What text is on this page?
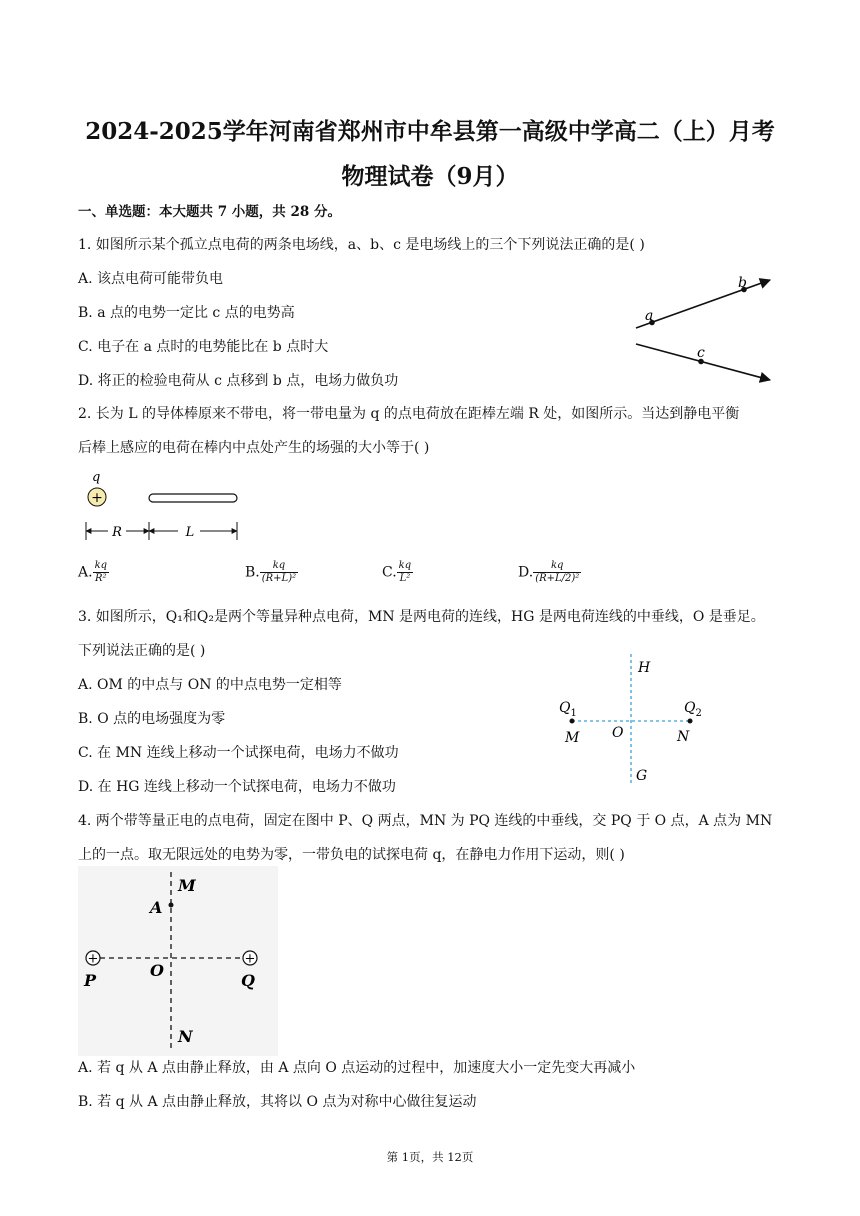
2024-2025学年河南省郑州市中牟县第一高级中学高二（上）月考
物理试卷（9月）
一、单选题：本大题共 7 小题，共 28 分。
1. 如图所示某个孤立点电荷的两条电场线，a、b、c 是电场线上的三个下列说法正确的是( )
A. 该点电荷可能带负电
B. a 点的电势一定比 c 点的电势高
C. 电子在 a 点时的电势能比在 b 点时大
D. 将正的检验电荷从 c 点移到 b 点，电场力做负功
a
b
c
2. 长为 L 的导体棒原来不带电，将一带电量为 q 的点电荷放在距棒左端 R 处，如图所示。当达到静电平衡
后棒上感应的电荷在棒内中点处产生的场强的大小等于( )
q
+
R	L
A. $\frac{kq}{\text{R²}}$	B. $\frac{kq}{\text{(R+L)²}}$	C. $\frac{kq}{\text{L²}}$	D. $\frac{kq}{\text{(R+L/2)²}}$
3. 如图所示，Q₁和Q₂是两个等量异种点电荷，MN 是两电荷的连线，HG 是两电荷连线的中垂线，O 是垂足。
下列说法正确的是( )
A. OM 的中点与 ON 的中点电势一定相等
B. O 点的电场强度为零
C. 在 MN 连线上移动一个试探电荷，电场力不做功
D. 在 HG 连线上移动一个试探电荷，电场力不做功
H
G
$Q_1$	$Q_2$
M O	N
4. 两个带等量正电的点电荷，固定在图中 P、Q 两点，MN 为 PQ 连线的中垂线，交 PQ 于 O 点，A 点为 MN
上的一点。取无限远处的电势为零，一带负电的试探电荷 q，在静电力作用下运动，则( )
+	+
M
A
P
O
Q
N
A. 若 q 从 A 点由静止释放，由 A 点向 O 点运动的过程中，加速度大小一定先变大再减小
B. 若 q 从 A 点由静止释放，其将以 O 点为对称中心做往复运动
第 1页，共 12页
